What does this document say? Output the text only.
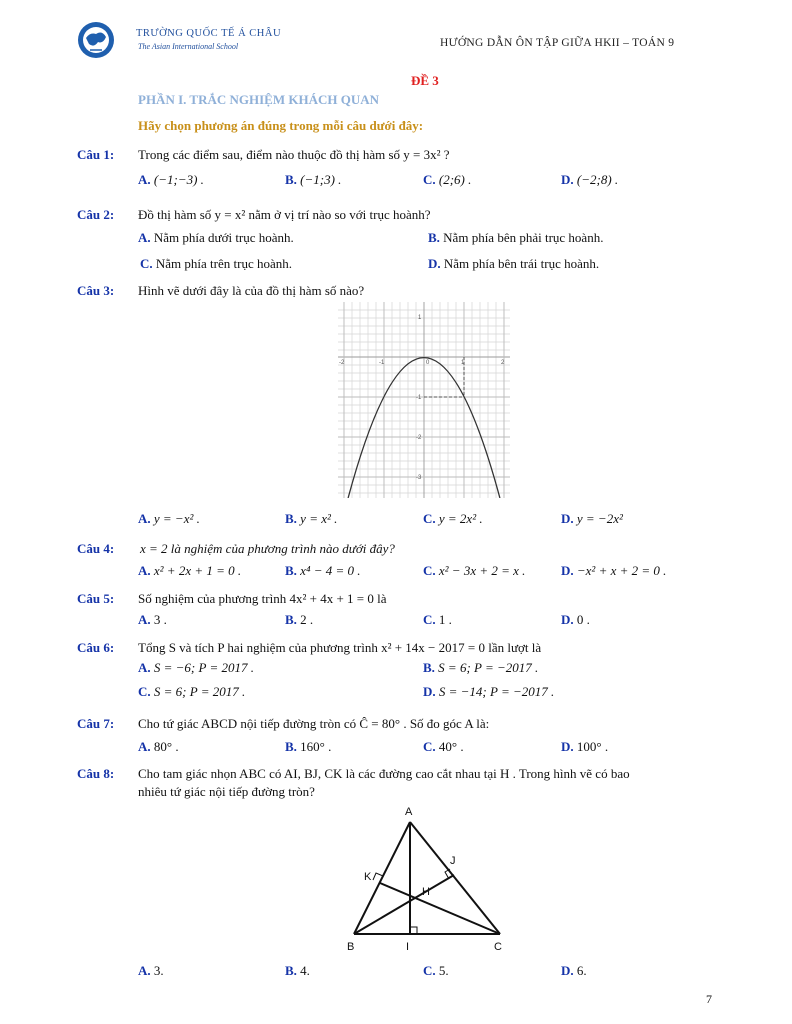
TRƯỜNG QUỐC TẾ Á CHÂU
The Asian International School	HƯỚNG DẪN ÔN TẬP GIỮA HKII – TOÁN 9
ĐỀ 3
PHẦN I. TRẮC NGHIỆM KHÁCH QUAN
Hãy chọn phương án đúng trong mỗi câu dưới đây:
Câu 1: Trong các điểm sau, điểm nào thuộc đồ thị hàm số y = 3x² ?
A. (−1;−3) .	B. (−1;3) .	C. (2;6) .	D. (−2;8) .
Câu 2: Đồ thị hàm số y = x² nằm ở vị trí nào so với trục hoành?
A. Nằm phía dưới trục hoành.	B. Nằm phía bên phải trục hoành.
C. Nằm phía trên trục hoành.	D. Nằm phía bên trái trục hoành.
Câu 3: Hình vẽ dưới đây là của đồ thị hàm số nào?
-2	-1	0	1	2
1
-1
-2
-3
A. y = −x² .	B. y = x² .	C. y = 2x² .	D. y = −2x²
Câu 4: x = 2 là nghiệm của phương trình nào dưới đây?
A. x² + 2x + 1 = 0 .	B. x⁴ − 4 = 0 .	C. x² − 3x + 2 = x .	D. −x² + x + 2 = 0 .
Câu 5: Số nghiệm của phương trình 4x² + 4x + 1 = 0 là
A. 3 .	B. 2 .	C. 1 .	D. 0 .
Câu 6: Tổng S và tích P hai nghiệm của phương trình x² + 14x − 2017 = 0 lần lượt là
A. S = −6; P = 2017 .	B. S = 6; P = −2017 .
C. S = 6; P = 2017 .	D. S = −14; P = −2017 .
Câu 7: Cho tứ giác ABCD nội tiếp đường tròn có Ĉ = 80° . Số đo góc A là:
A. 80° .	B. 160° .	C. 40° .	D. 100° .
Câu 8: Cho tam giác nhọn ABC có AI, BJ, CK là các đường cao cắt nhau tại H . Trong hình vẽ có bao
nhiêu tứ giác nội tiếp đường tròn?
A
B	C
I
H
J
K
A. 3.	B. 4.	C. 5.	D. 6.
7
